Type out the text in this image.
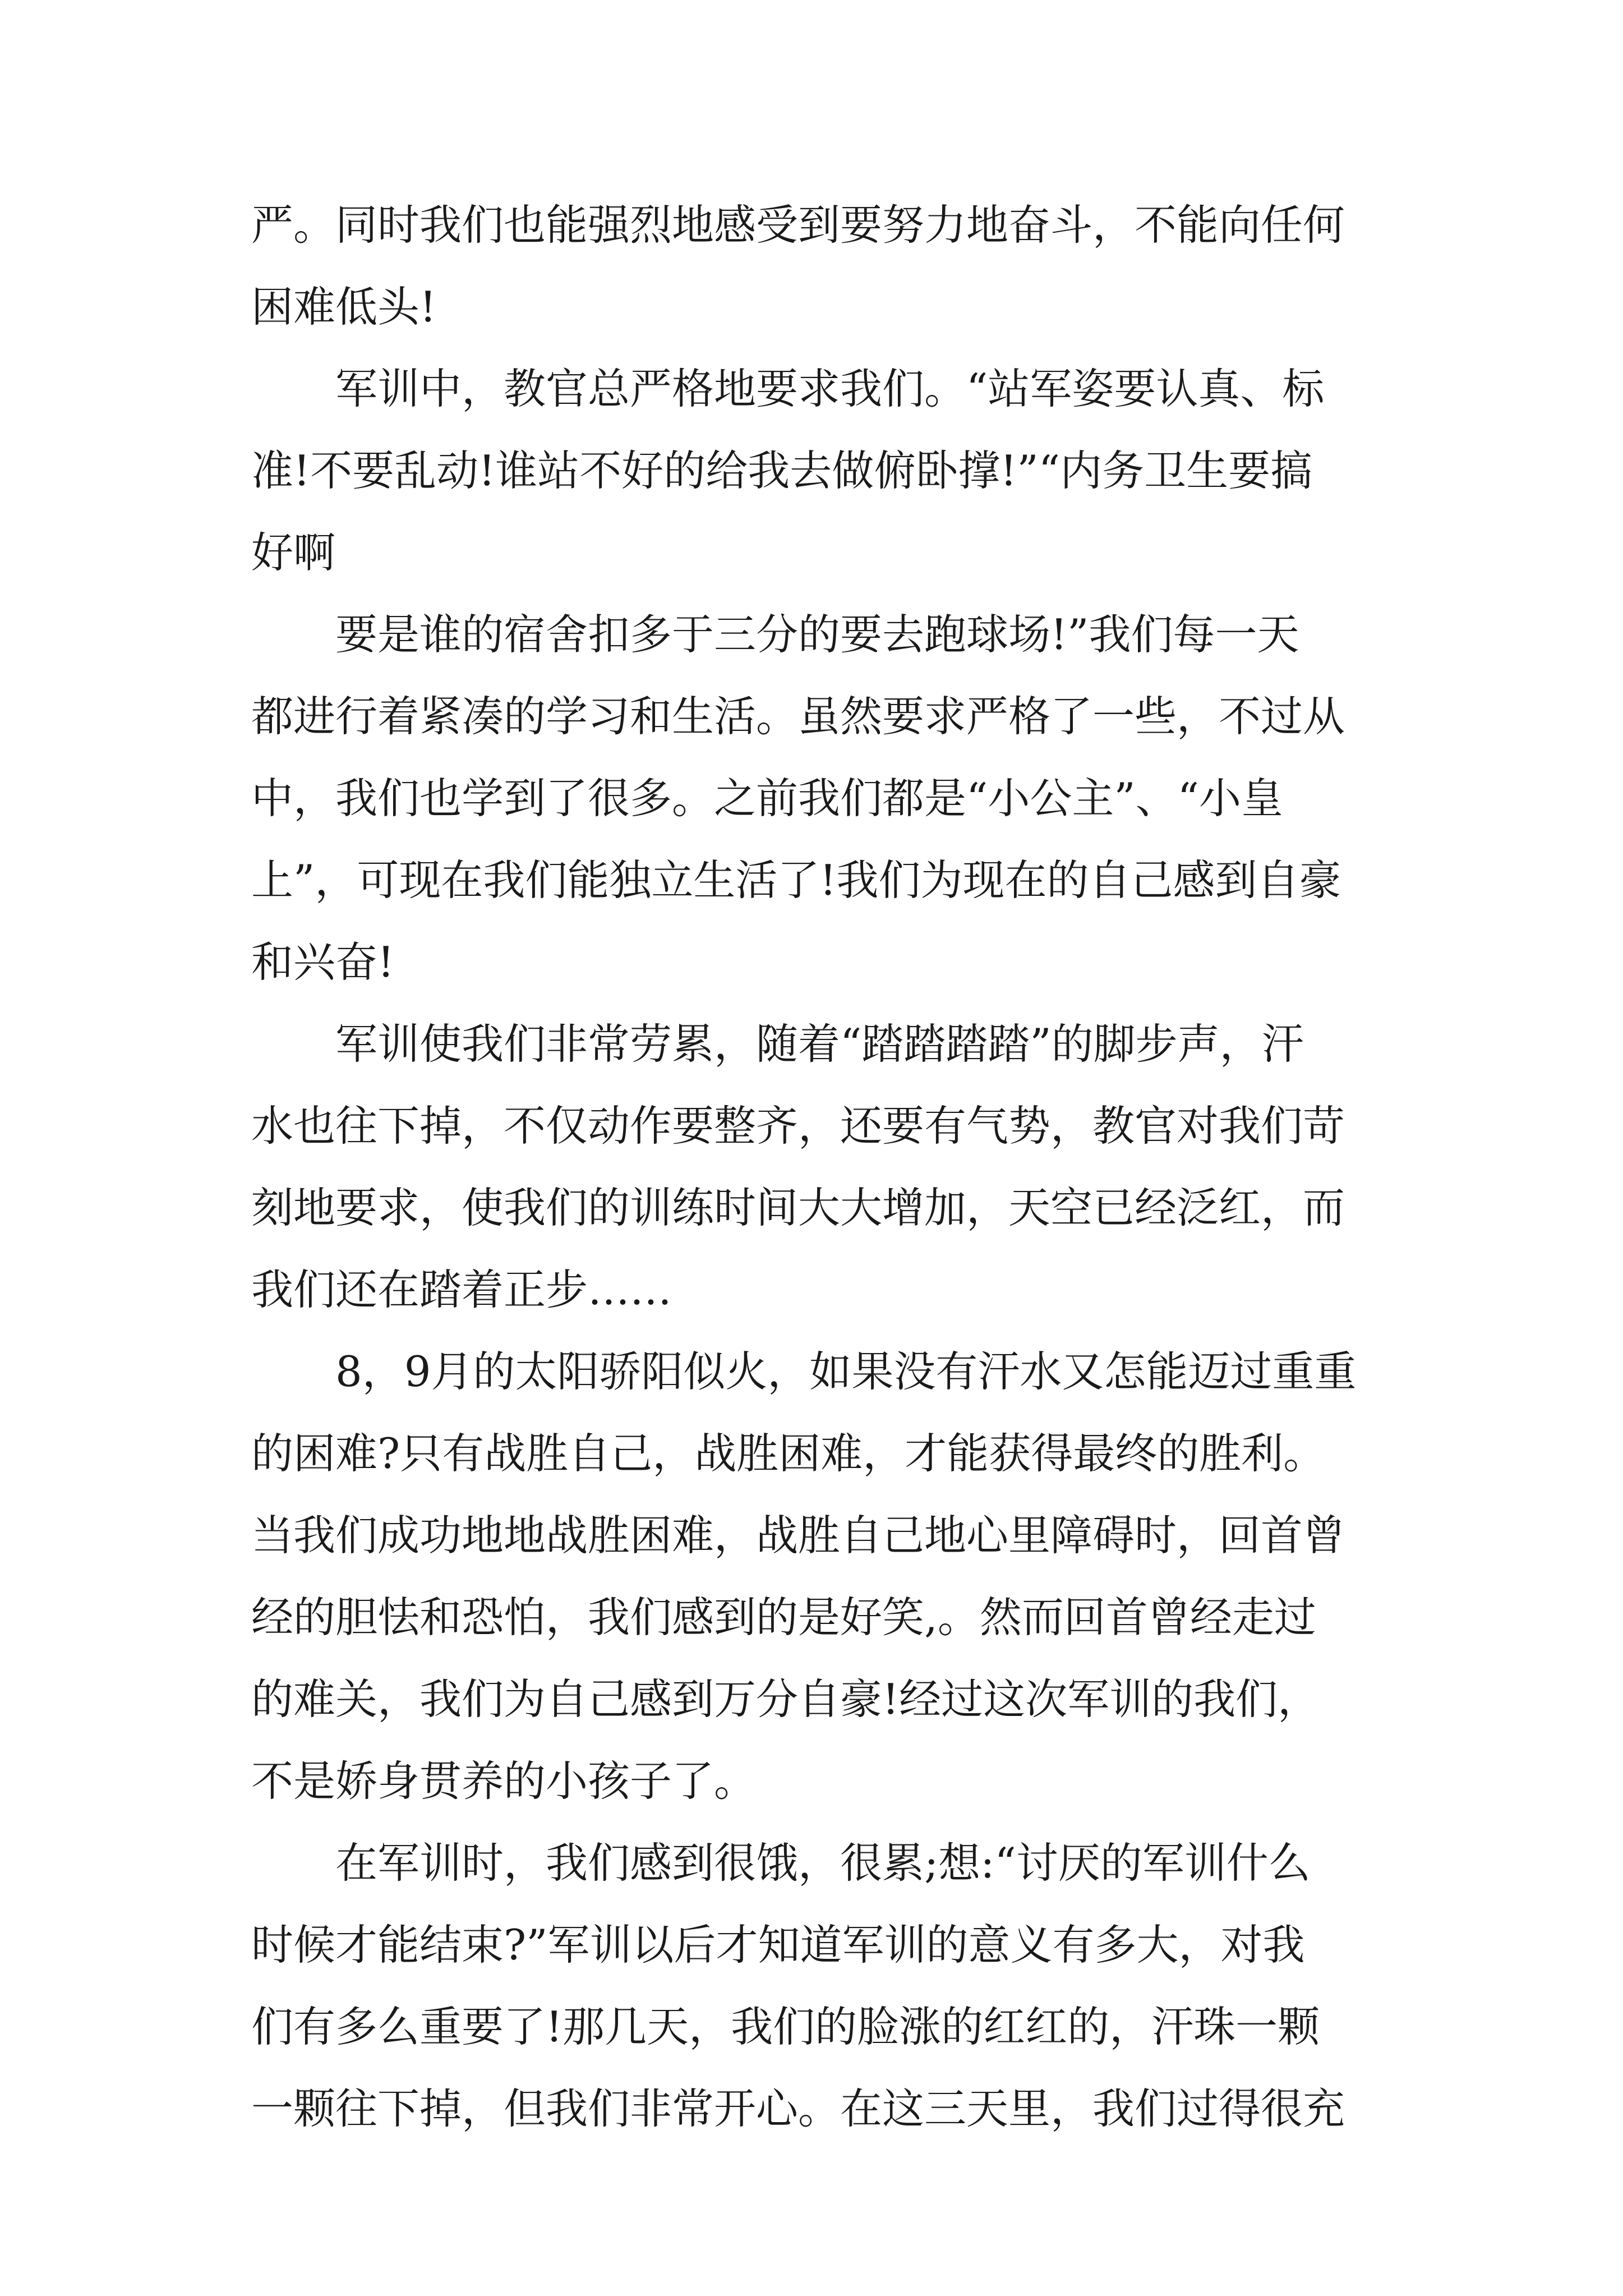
严。同时我们也能强烈地感受到要努力地奋斗，不能向任何
困难低头!

军训中，教官总严格地要求我们。“站军姿要认真、标
准!不要乱动!谁站不好的给我去做俯卧撑!”“内务卫生要搞
好啊

要是谁的宿舍扣多于三分的要去跑球场!”我们每一天
都进行着紧凑的学习和生活。虽然要求严格了一些，不过从
中，我们也学到了很多。之前我们都是“小公主”、“小皇
上”，可现在我们能独立生活了!我们为现在的自己感到自豪
和兴奋!

军训使我们非常劳累，随着“踏踏踏踏”的脚步声，汗
水也往下掉，不仅动作要整齐，还要有气势，教官对我们苛
刻地要求，使我们的训练时间大大增加，天空已经泛红，而
我们还在踏着正步……

8，9月的太阳骄阳似火，如果没有汗水又怎能迈过重重
的困难?只有战胜自己，战胜困难，才能获得最终的胜利。
当我们成功地地战胜困难，战胜自己地心里障碍时，回首曾
经的胆怯和恐怕，我们感到的是好笑,。然而回首曾经走过
的难关，我们为自己感到万分自豪!经过这次军训的我们，
不是娇身贯养的小孩子了。

在军训时，我们感到很饿，很累;想:“讨厌的军训什么
时候才能结束?”军训以后才知道军训的意义有多大，对我
们有多么重要了!那几天，我们的脸涨的红红的，汗珠一颗
一颗往下掉，但我们非常开心。在这三天里，我们过得很充
